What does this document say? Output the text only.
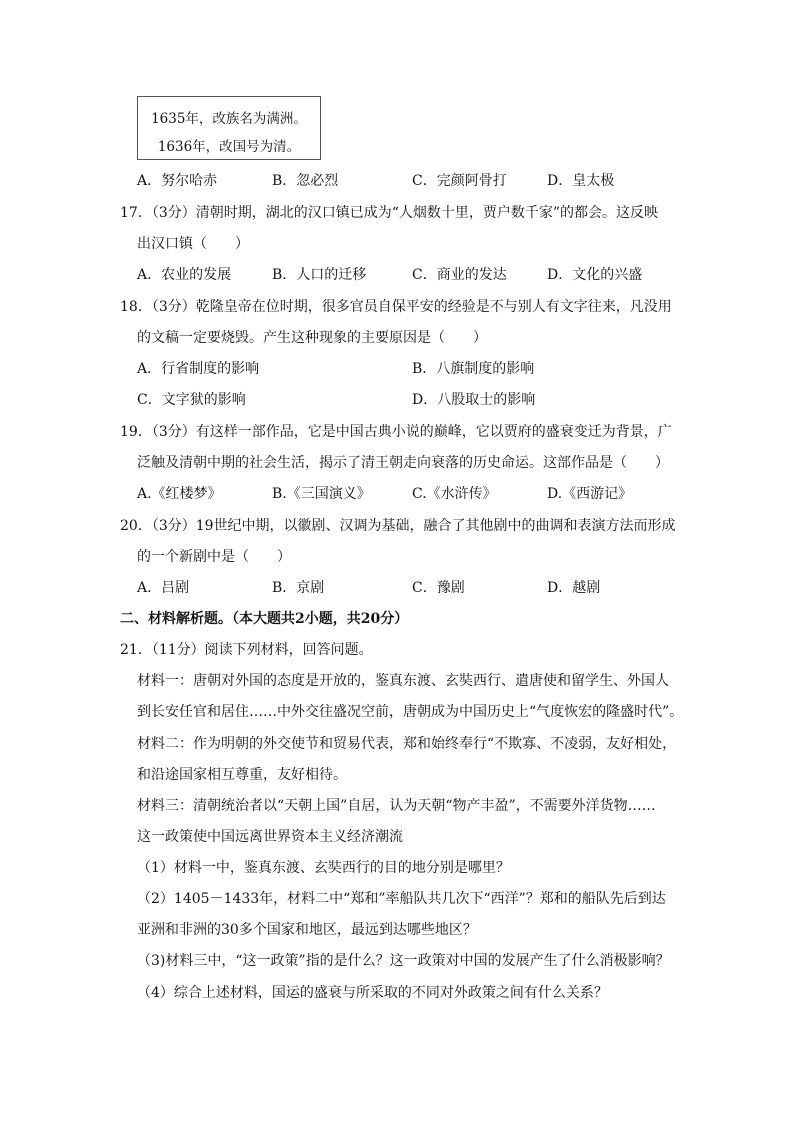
1635年，改族名为满洲。
1636年，改国号为清。
A．努尔哈赤	B．忽必烈	C．完颜阿骨打	D．皇太极
17．（3分）清朝时期，湖北的汉口镇已成为“人烟数十里，贾户数千家”的都会。这反映
出汉口镇（　　）
A．农业的发展	B．人口的迁移	C．商业的发达	D．文化的兴盛
18．（3分）乾隆皇帝在位时期，很多官员自保平安的经验是不与别人有文字往来，凡没用
的文稿一定要烧毁。产生这种现象的主要原因是（　　）
A．行省制度的影响	B．八旗制度的影响
C．文字狱的影响	D．八股取士的影响
19．（3分）有这样一部作品，它是中国古典小说的巅峰，它以贾府的盛衰变迁为背景，广
泛触及清朝中期的社会生活，揭示了清王朝走向衰落的历史命运。这部作品是（　　）
A.《红楼梦》	B.《三国演义》	C.《水浒传》	D.《西游记》
20．（3分）19世纪中期，以徽剧、汉调为基础，融合了其他剧中的曲调和表演方法而形成
的一个新剧中是（　　）
A．吕剧	B．京剧	C．豫剧	D．越剧
二、材料解析题。（本大题共2小题，共20分）
21．（11分）阅读下列材料，回答问题。
材料一：唐朝对外国的态度是开放的，鉴真东渡、玄奘西行、遣唐使和留学生、外国人
到长安任官和居住……中外交往盛况空前，唐朝成为中国历史上“气度恢宏的隆盛时代”。
材料二：作为明朝的外交使节和贸易代表，郑和始终奉行“不欺寡、不凌弱，友好相处，
和沿途国家相互尊重，友好相待。
材料三：清朝统治者以“天朝上国”自居，认为天朝“物产丰盈”，不需要外洋货物……
这一政策使中国远离世界资本主义经济潮流
（1）材料一中，鉴真东渡、玄奘西行的目的地分别是哪里？
（2）1405－1433年，材料二中“郑和”率船队共几次下“西洋”？郑和的船队先后到达
亚洲和非洲的30多个国家和地区，最远到达哪些地区？
（3)材料三中，“这一政策”指的是什么？这一政策对中国的发展产生了什么消极影响？
（4）综合上述材料，国运的盛衰与所采取的不同对外政策之间有什么关系？
